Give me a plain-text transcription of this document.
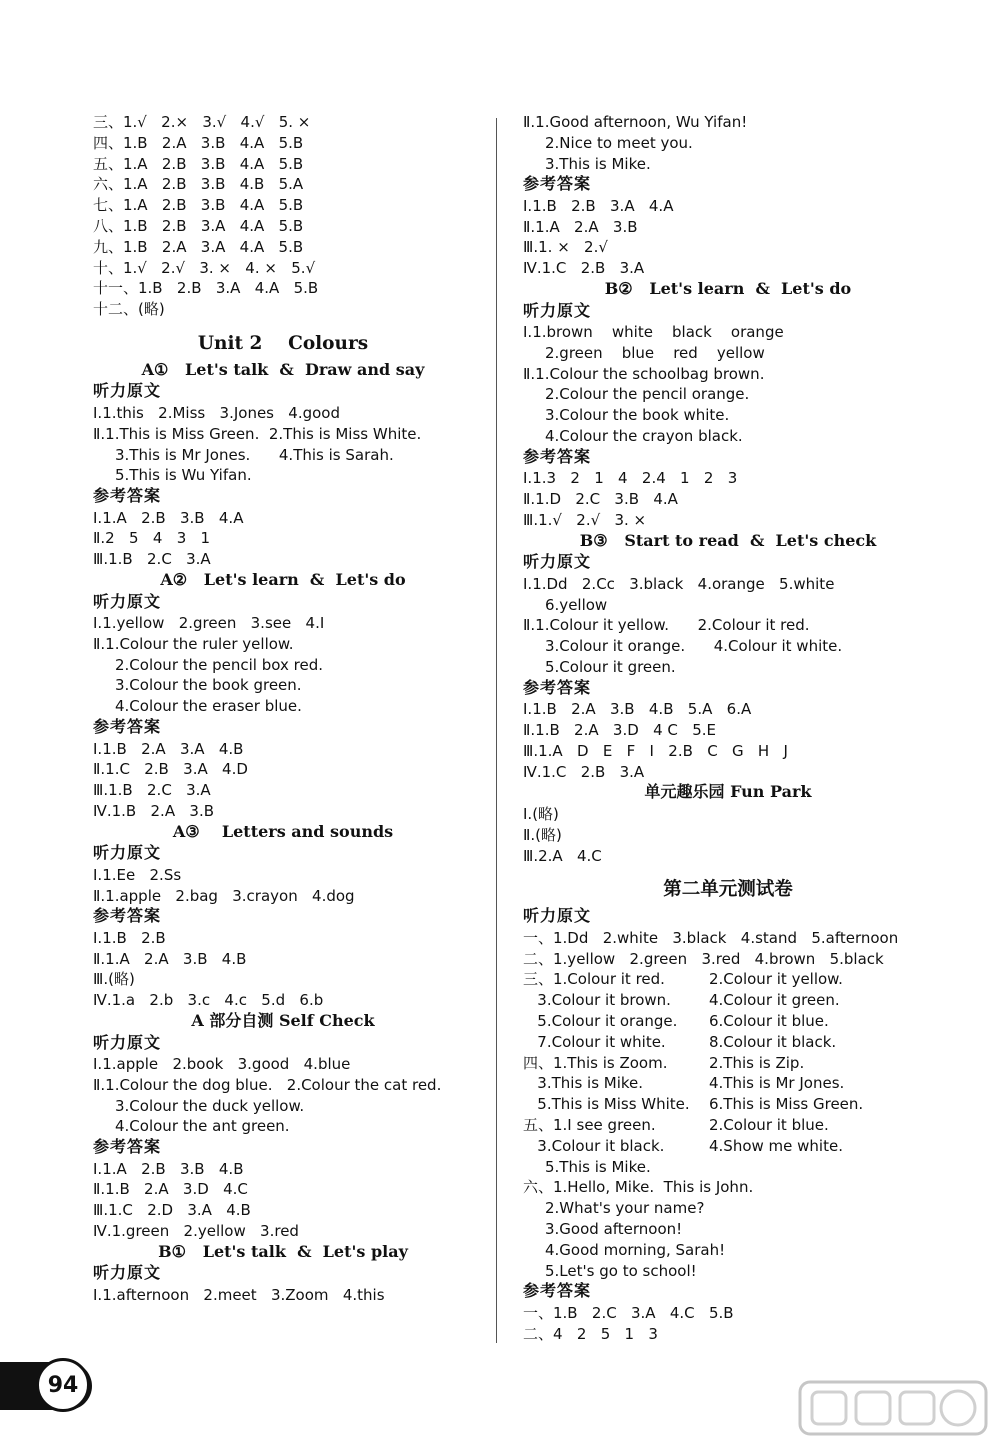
三、1.√   2.×   3.√   4.√   5. ×
四、1.B   2.A   3.B   4.A   5.B
五、1.A   2.B   3.B   4.A   5.B
六、1.A   2.B   3.B   4.B   5.A
七、1.A   2.B   3.B   4.A   5.B
八、1.B   2.B   3.A   4.A   5.B
九、1.B   2.A   3.A   4.A   5.B
十、1.√   2.√   3. ×   4. ×   5.√
十一、1.B   2.B   3.A   4.A   5.B
十二、(略)
Unit 2    Colours
A①   Let's talk  &  Draw and say
听力原文
Ⅰ.1.this   2.Miss   3.Jones   4.good
Ⅱ.1.This is Miss Green.  2.This is Miss White.
3.This is Mr Jones.      4.This is Sarah.
5.This is Wu Yifan.
参考答案
Ⅰ.1.A   2.B   3.B   4.A
Ⅱ.2   5   4   3   1
Ⅲ.1.B   2.C   3.A
A②   Let's learn  &  Let's do
听力原文
Ⅰ.1.yellow   2.green   3.see   4.I
Ⅱ.1.Colour the ruler yellow.
2.Colour the pencil box red.
3.Colour the book green.
4.Colour the eraser blue.
参考答案
Ⅰ.1.B   2.A   3.A   4.B
Ⅱ.1.C   2.B   3.A   4.D
Ⅲ.1.B   2.C   3.A
Ⅳ.1.B   2.A   3.B
A③    Letters and sounds
听力原文
Ⅰ.1.Ee   2.Ss
Ⅱ.1.apple   2.bag   3.crayon   4.dog
参考答案
Ⅰ.1.B   2.B
Ⅱ.1.A   2.A   3.B   4.B
Ⅲ.(略)
Ⅳ.1.a   2.b   3.c   4.c   5.d   6.b
A 部分自测 Self Check
听力原文
Ⅰ.1.apple   2.book   3.good   4.blue
Ⅱ.1.Colour the dog blue.   2.Colour the cat red.
3.Colour the duck yellow.
4.Colour the ant green.
参考答案
Ⅰ.1.A   2.B   3.B   4.B
Ⅱ.1.B   2.A   3.D   4.C
Ⅲ.1.C   2.D   3.A   4.B
Ⅳ.1.green   2.yellow   3.red
B①   Let's talk  &  Let's play
听力原文
Ⅰ.1.afternoon   2.meet   3.Zoom   4.this
Ⅱ.1.Good afternoon, Wu Yifan!
2.Nice to meet you.
3.This is Mike.
参考答案
Ⅰ.1.B   2.B   3.A   4.A
Ⅱ.1.A   2.A   3.B
Ⅲ.1. ×   2.√
Ⅳ.1.C   2.B   3.A
B②   Let's learn  &  Let's do
听力原文
Ⅰ.1.brown    white    black    orange
2.green    blue    red    yellow
Ⅱ.1.Colour the schoolbag brown.
2.Colour the pencil orange.
3.Colour the book white.
4.Colour the crayon black.
参考答案
Ⅰ.1.3   2   1   4   2.4   1   2   3
Ⅱ.1.D   2.C   3.B   4.A
Ⅲ.1.√   2.√   3. ×
B③   Start to read  &  Let's check
听力原文
Ⅰ.1.Dd   2.Cc   3.black   4.orange   5.white
6.yellow
Ⅱ.1.Colour it yellow.      2.Colour it red.
3.Colour it orange.      4.Colour it white.
5.Colour it green.
参考答案
Ⅰ.1.B   2.A   3.B   4.B   5.A   6.A
Ⅱ.1.B   2.A   3.D   4 C   5.E
Ⅲ.1.A   D   E   F   I   2.B   C   G   H   J
Ⅳ.1.C   2.B   3.A
单元趣乐园 Fun Park
Ⅰ.(略)
Ⅱ.(略)
Ⅲ.2.A   4.C
第二单元测试卷
听力原文
一、1.Dd   2.white   3.black   4.stand   5.afternoon
二、1.yellow   2.green   3.red   4.brown   5.black
三、1.Colour it red.	2.Colour it yellow.
3.Colour it brown.	4.Colour it green.
5.Colour it orange.	6.Colour it blue.
7.Colour it white.	8.Colour it black.
四、1.This is Zoom.	2.This is Zip.
3.This is Mike.	4.This is Mr Jones.
5.This is Miss White.	6.This is Miss Green.
五、1.I see green.	2.Colour it blue.
3.Colour it black.	4.Show me white.
5.This is Mike.
六、1.Hello, Mike.  This is John.
2.What's your name?
3.Good afternoon!
4.Good morning, Sarah!
5.Let's go to school!
参考答案
一、1.B   2.C   3.A   4.C   5.B
二、4   2   5   1   3
94
